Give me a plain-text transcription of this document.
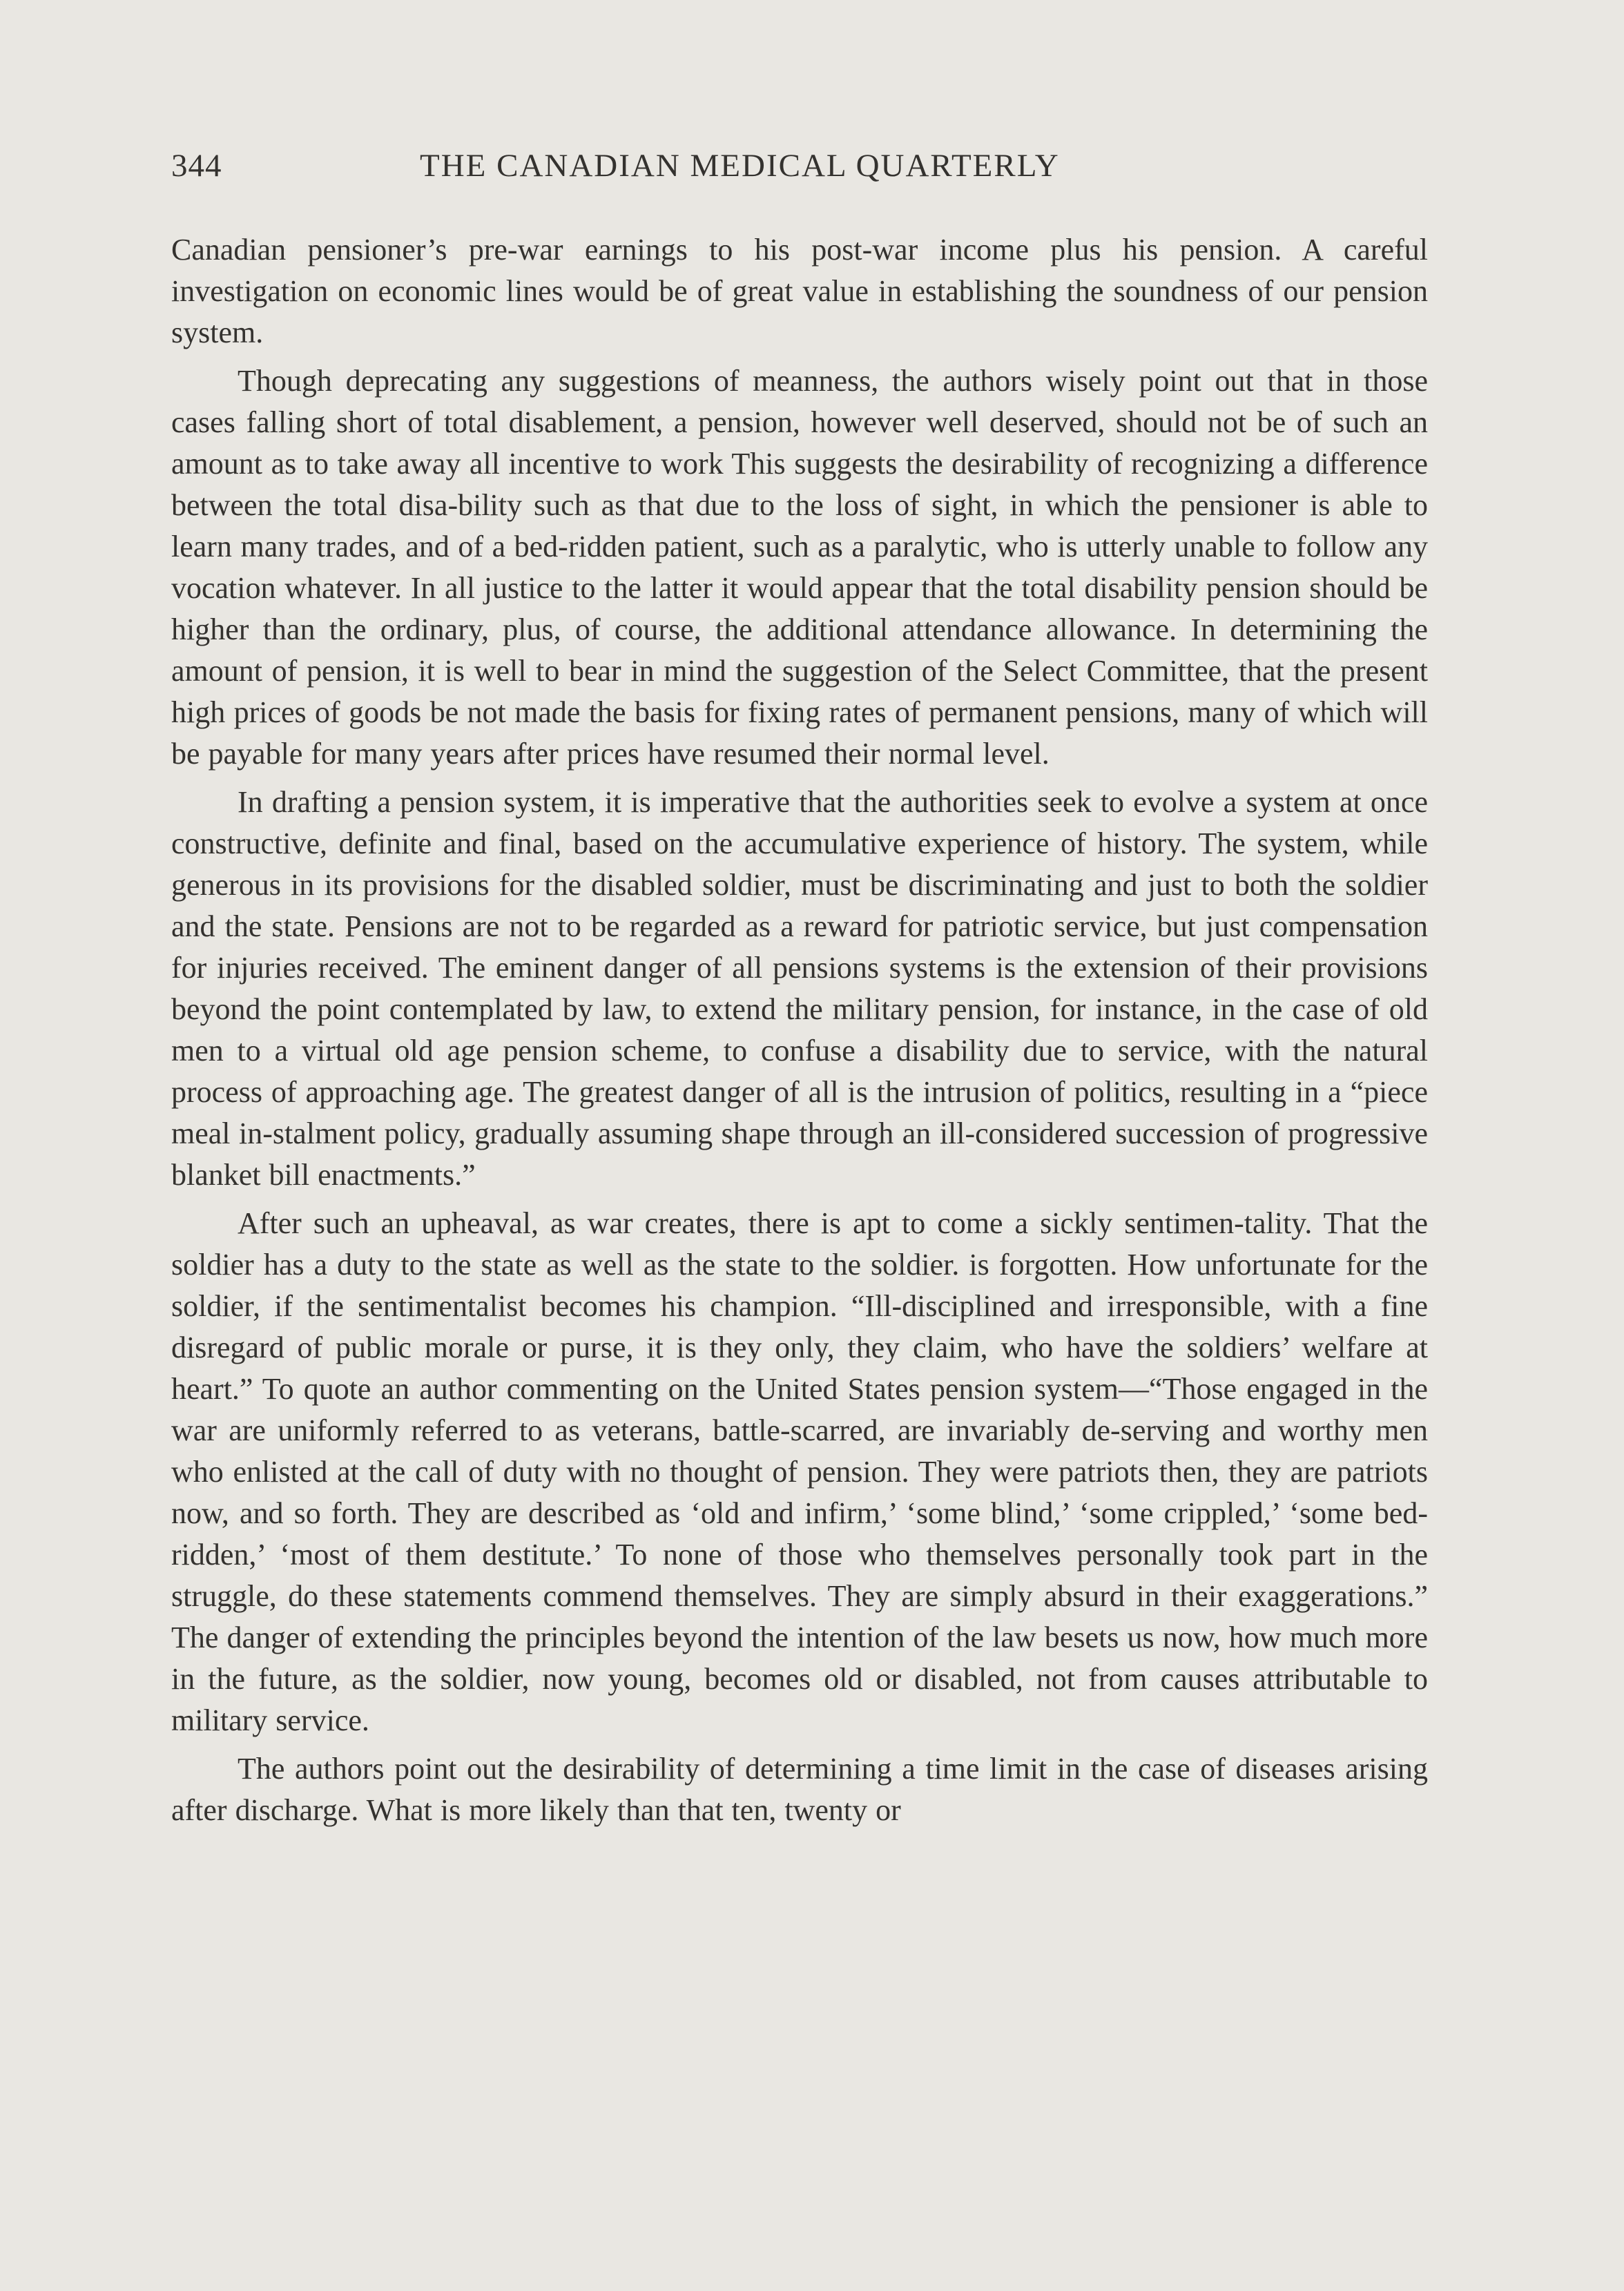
344	THE CANADIAN MEDICAL QUARTERLY

Canadian pensioner’s pre-war earnings to his post-war income plus his pension. A careful investigation on economic lines would be of great value in establishing the soundness of our pension system.

Though deprecating any suggestions of meanness, the authors wisely point out that in those cases falling short of total disablement, a pension, however well deserved, should not be of such an amount as to take away all incentive to work This suggests the desirability of recognizing a difference between the total disa-bility such as that due to the loss of sight, in which the pensioner is able to learn many trades, and of a bed-ridden patient, such as a paralytic, who is utterly unable to follow any vocation whatever. In all justice to the latter it would appear that the total disability pension should be higher than the ordinary, plus, of course, the additional attendance allowance. In determining the amount of pension, it is well to bear in mind the suggestion of the Select Committee, that the present high prices of goods be not made the basis for fixing rates of permanent pensions, many of which will be payable for many years after prices have resumed their normal level.

In drafting a pension system, it is imperative that the authorities seek to evolve a system at once constructive, definite and final, based on the accumulative experience of history. The system, while generous in its provisions for the disabled soldier, must be discriminating and just to both the soldier and the state. Pensions are not to be regarded as a reward for patriotic service, but just compensation for injuries received. The eminent danger of all pensions systems is the extension of their provisions beyond the point contemplated by law, to extend the military pension, for instance, in the case of old men to a virtual old age pension scheme, to confuse a disability due to service, with the natural process of approaching age. The greatest danger of all is the intrusion of politics, resulting in a “piece meal in-stalment policy, gradually assuming shape through an ill-considered succession of progressive blanket bill enactments.”

After such an upheaval, as war creates, there is apt to come a sickly sentimen-tality. That the soldier has a duty to the state as well as the state to the soldier. is forgotten. How unfortunate for the soldier, if the sentimentalist becomes his champion. “Ill-disciplined and irresponsible, with a fine disregard of public morale or purse, it is they only, they claim, who have the soldiers’ welfare at heart.” To quote an author commenting on the United States pension system—“Those engaged in the war are uniformly referred to as veterans, battle-scarred, are invariably de-serving and worthy men who enlisted at the call of duty with no thought of pension. They were patriots then, they are patriots now, and so forth. They are described as ‘old and infirm,’ ‘some blind,’ ‘some crippled,’ ‘some bed-ridden,’ ‘most of them destitute.’ To none of those who themselves personally took part in the struggle, do these statements commend themselves. They are simply absurd in their exaggerations.” The danger of extending the principles beyond the intention of the law besets us now, how much more in the future, as the soldier, now young, becomes old or disabled, not from causes attributable to military service.

The authors point out the desirability of determining a time limit in the case of diseases arising after discharge. What is more likely than that ten, twenty or
